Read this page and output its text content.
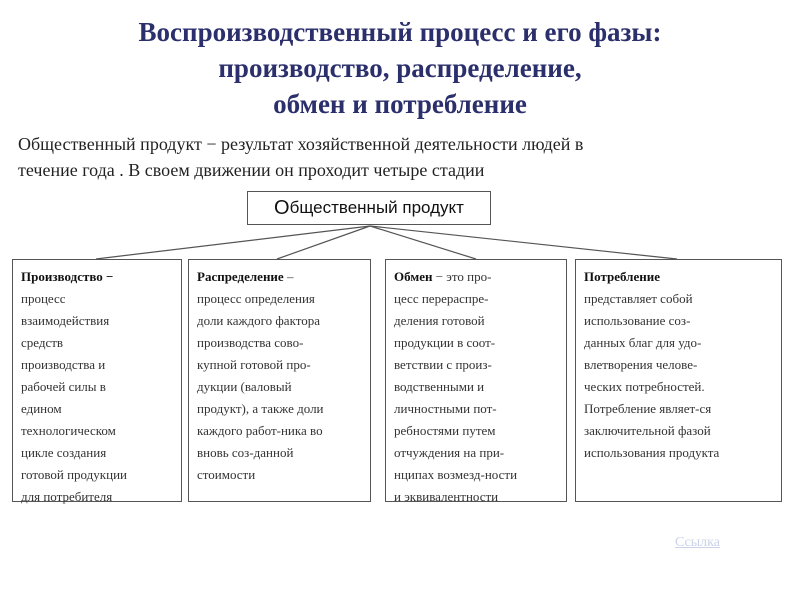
Воспроизводственный процесс и его фазы:
производство, распределение,
обмен и потребление
Общественный продукт − результат хозяйственной деятельности людей в
течение года . В своем движении он проходит четыре стадии
О бщественный продукт
Производство −
процесс
взаимодействия
средств
производства и
рабочей силы в
едином
технологическом
цикле создания
готовой продукции
для потребителя
Распределение –
процесс определения
доли каждого фактора
производства сово-
купной готовой про-
дукции (валовый
продукт), а также доли
каждого работ-ника во
вновь соз-данной
стоимости
Обмен − это про-
цесс перераспре-
деления готовой
продукции в соот-
ветствии с произ-
водственными и
личностными пот-
ребностями путем
отчуждения на при-
нципах возмезд-ности
и эквивалентности
Потребление
представляет собой
использование соз-
данных благ для удо-
влетворения челове-
ческих потребностей.
Потребление являет-ся
заключительной фазой
использования продукта
Ссылка
